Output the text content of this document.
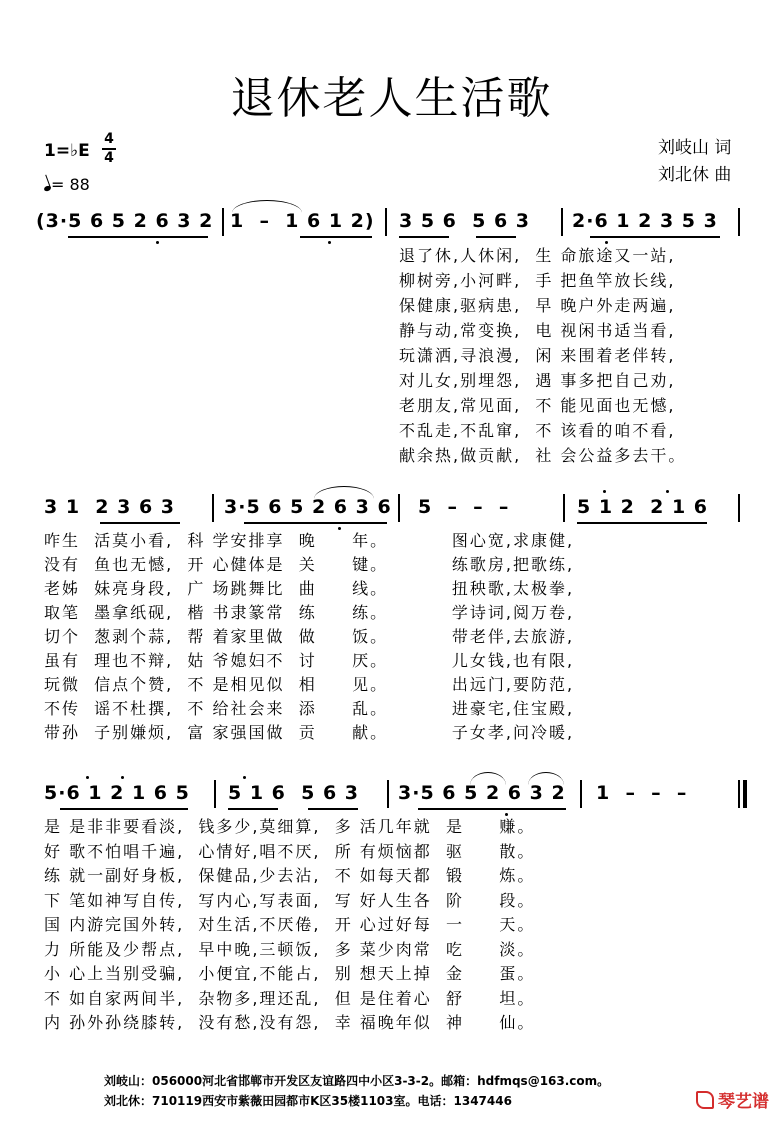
退休老人生活歌
刘岐山 词
刘北休 曲
1=♭E
4
4
= 88
(3·5 6 5 2 6 3 2 1  –  1 6 1 2) 3 5 6  5 6 3 2·6 1 2 3 5 3
退了休,人休闲,  生 命旅途又一站,
柳树旁,小河畔,  手 把鱼竿放长线,
保健康,驱病患,  早 晚户外走两遍,
静与动,常变换,  电 视闲书适当看,
玩潇洒,寻浪漫,  闲 来围着老伴转,
对儿女,别埋怨,  遇 事多把自己劝,
老朋友,常见面,  不 能见面也无憾,
不乱走,不乱窜,  不 该看的咱不看,
献余热,做贡献,  社 会公益多去干。
3 1  2 3 6 3	3·5 6 5 2 6 3 6 5  –  –  –	5 1 2  2 1 6
咋生  活莫小看,  科 学安排享  晚     年。         图心宽,求康健,
没有  鱼也无憾,  开 心健体是  关     键。         练歌房,把歌练,
老姊  妹亮身段,  广 场跳舞比  曲     线。         扭秧歌,太极拳,
取笔  墨拿纸砚,  楷 书隶篆常  练     练。         学诗词,阅万卷,
切个  葱剥个蒜,  帮 着家里做  做     饭。         带老伴,去旅游,
虽有  理也不辩,  姑 爷媳妇不  讨     厌。         儿女钱,也有限,
玩微  信点个赞,  不 是相见似  相     见。         出远门,要防范,
不传  谣不杜撰,  不 给社会来  添     乱。         进豪宅,住宝殿,
带孙  子别嫌烦,  富 家强国做  贡     献。         子女孝,问冷暖,
5·6 1 2 1 6 5 5 1 6  5 6 3 3·5 6 5 2 6 3 2 1  –  –  –
是 是非非要看淡,  钱多少,莫细算,  多 活几年就  是     赚。
好 歌不怕唱千遍,  心情好,唱不厌,  所 有烦恼都  驱     散。
练 就一副好身板,  保健品,少去沾,  不 如每天都  锻     炼。
下 笔如神写自传,  写内心,写表面,  写 好人生各  阶     段。
国 内游完国外转,  对生活,不厌倦,  开 心过好每  一     天。
力 所能及少帮点,  早中晚,三顿饭,  多 菜少肉常  吃     淡。
小 心上当别受骗,  小便宜,不能占,  别 想天上掉  金     蛋。
不 如自家两间半,  杂物多,理还乱,  但 是住着心  舒     坦。
内 孙外孙绕膝转,  没有愁,没有怨,  幸 福晚年似  神     仙。
刘岐山：056000河北省邯郸市开发区友谊路四中小区3-3-2。邮箱：hdfmqs@163.com。
刘北休：710119西安市紫薇田园都市K区35楼1103室。电话：1347446	琴艺谱
